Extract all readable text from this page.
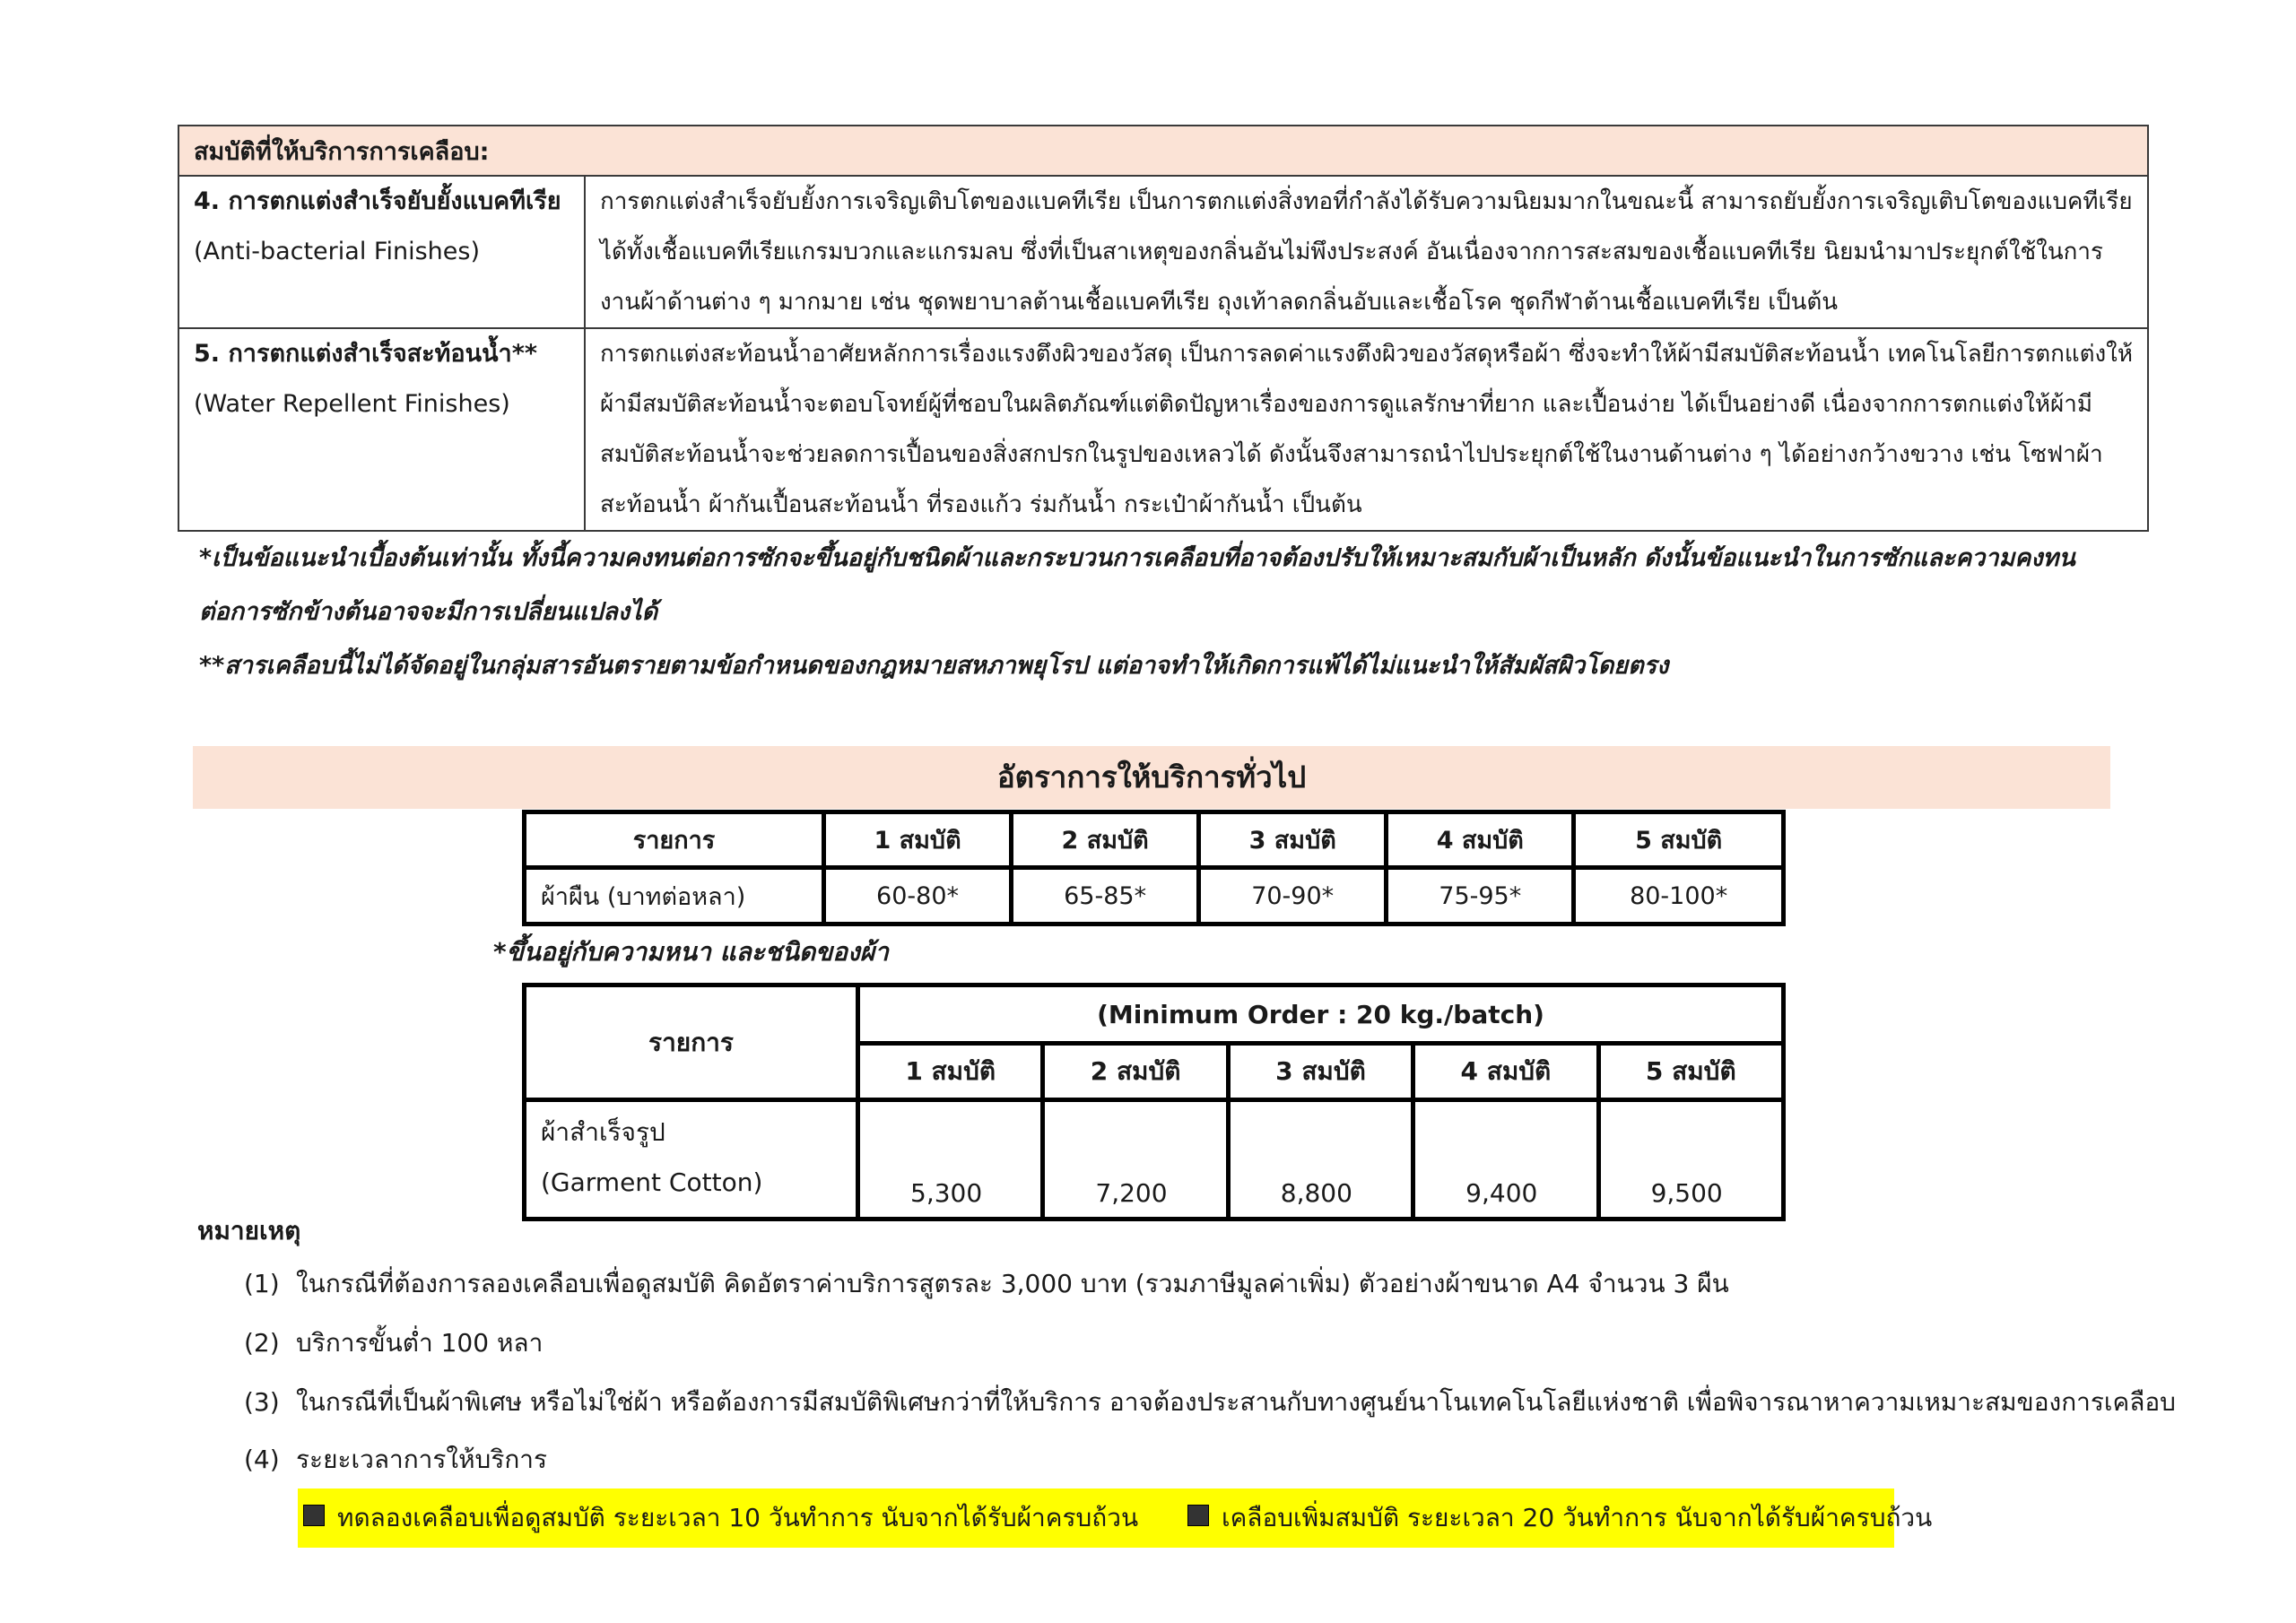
สมบัติที่ให้บริการการเคลือบ:	

4. การตกแต่งสำเร็จยับยั้งแบคทีเรีย
(Anti-bacterial Finishes)	การตกแต่งสำเร็จยับยั้งการเจริญเติบโตของแบคทีเรีย เป็นการตกแต่งสิ่งทอที่กำลังได้รับความนิยมมากในขณะนี้ สามารถยับยั้งการเจริญเติบโตของแบคทีเรีย
ได้ทั้งเชื้อแบคทีเรียแกรมบวกและแกรมลบ ซึ่งที่เป็นสาเหตุของกลิ่นอันไม่พึงประสงค์ อันเนื่องจากการสะสมของเชื้อแบคทีเรีย นิยมนำมาประยุกต์ใช้ในการ
งานผ้าด้านต่าง ๆ มากมาย เช่น ชุดพยาบาลต้านเชื้อแบคทีเรีย ถุงเท้าลดกลิ่นอับและเชื้อโรค ชุดกีฬาต้านเชื้อแบคทีเรีย เป็นต้น

5. การตกแต่งสำเร็จสะท้อนน้ำ**
(Water Repellent Finishes)	การตกแต่งสะท้อนน้ำอาศัยหลักการเรื่องแรงตึงผิวของวัสดุ เป็นการลดค่าแรงตึงผิวของวัสดุหรือผ้า ซึ่งจะทำให้ผ้ามีสมบัติสะท้อนน้ำ เทคโนโลยีการตกแต่งให้
ผ้ามีสมบัติสะท้อนน้ำจะตอบโจทย์ผู้ที่ชอบในผลิตภัณฑ์แต่ติดปัญหาเรื่องของการดูแลรักษาที่ยาก และเปื้อนง่าย ได้เป็นอย่างดี เนื่องจากการตกแต่งให้ผ้ามี
สมบัติสะท้อนน้ำจะช่วยลดการเปื้อนของสิ่งสกปรกในรูปของเหลวได้ ดังนั้นจึงสามารถนำไปประยุกต์ใช้ในงานด้านต่าง ๆ ได้อย่างกว้างขวาง เช่น โซฟาผ้า
สะท้อนน้ำ ผ้ากันเปื้อนสะท้อนน้ำ ที่รองแก้ว ร่มกันน้ำ กระเป๋าผ้ากันน้ำ เป็นต้น
*เป็นข้อแนะนำเบื้องต้นเท่านั้น ทั้งนี้ความคงทนต่อการซักจะขึ้นอยู่กับชนิดผ้าและกระบวนการเคลือบที่อาจต้องปรับให้เหมาะสมกับผ้าเป็นหลัก ดังนั้นข้อแนะนำในการซักและความคงทน
ต่อการซักข้างต้นอาจจะมีการเปลี่ยนแปลงได้
**สารเคลือบนี้ไม่ได้จัดอยู่ในกลุ่มสารอันตรายตามข้อกำหนดของกฎหมายสหภาพยุโรป แต่อาจทำให้เกิดการแพ้ได้ไม่แนะนำให้สัมผัสผิวโดยตรง
อัตราการให้บริการทั่วไป
รายการ	1 สมบัติ	2 สมบัติ	3 สมบัติ	4 สมบัติ	5 สมบัติ
ผ้าผืน (บาทต่อหลา)	60-80*	65-85*	70-90*	75-95*	80-100*
*ขึ้นอยู่กับความหนา และชนิดของผ้า
รายการ	(Minimum Order : 20 kg./batch)				
	1 สมบัติ	2 สมบัติ	3 สมบัติ	4 สมบัติ	5 สมบัติ

ผ้าสำเร็จรูป
(Garment Cotton)	5,300	7,200	8,800	9,400	9,500
หมายเหตุ
(1) ในกรณีที่ต้องการลองเคลือบเพื่อดูสมบัติ คิดอัตราค่าบริการสูตรละ 3,000 บาท (รวมภาษีมูลค่าเพิ่ม) ตัวอย่างผ้าขนาด A4 จำนวน 3 ผืน
(2) บริการขั้นต่ำ 100 หลา
(3) ในกรณีที่เป็นผ้าพิเศษ หรือไม่ใช่ผ้า หรือต้องการมีสมบัติพิเศษกว่าที่ให้บริการ อาจต้องประสานกับทางศูนย์นาโนเทคโนโลยีแห่งชาติ เพื่อพิจารณาหาความเหมาะสมของการเคลือบ
(4) ระยะเวลาการให้บริการ
ทดลองเคลือบเพื่อดูสมบัติ ระยะเวลา 10 วันทำการ นับจากได้รับผ้าครบถ้วน	เคลือบเพิ่มสมบัติ ระยะเวลา 20 วันทำการ นับจากได้รับผ้าครบถ้วน
